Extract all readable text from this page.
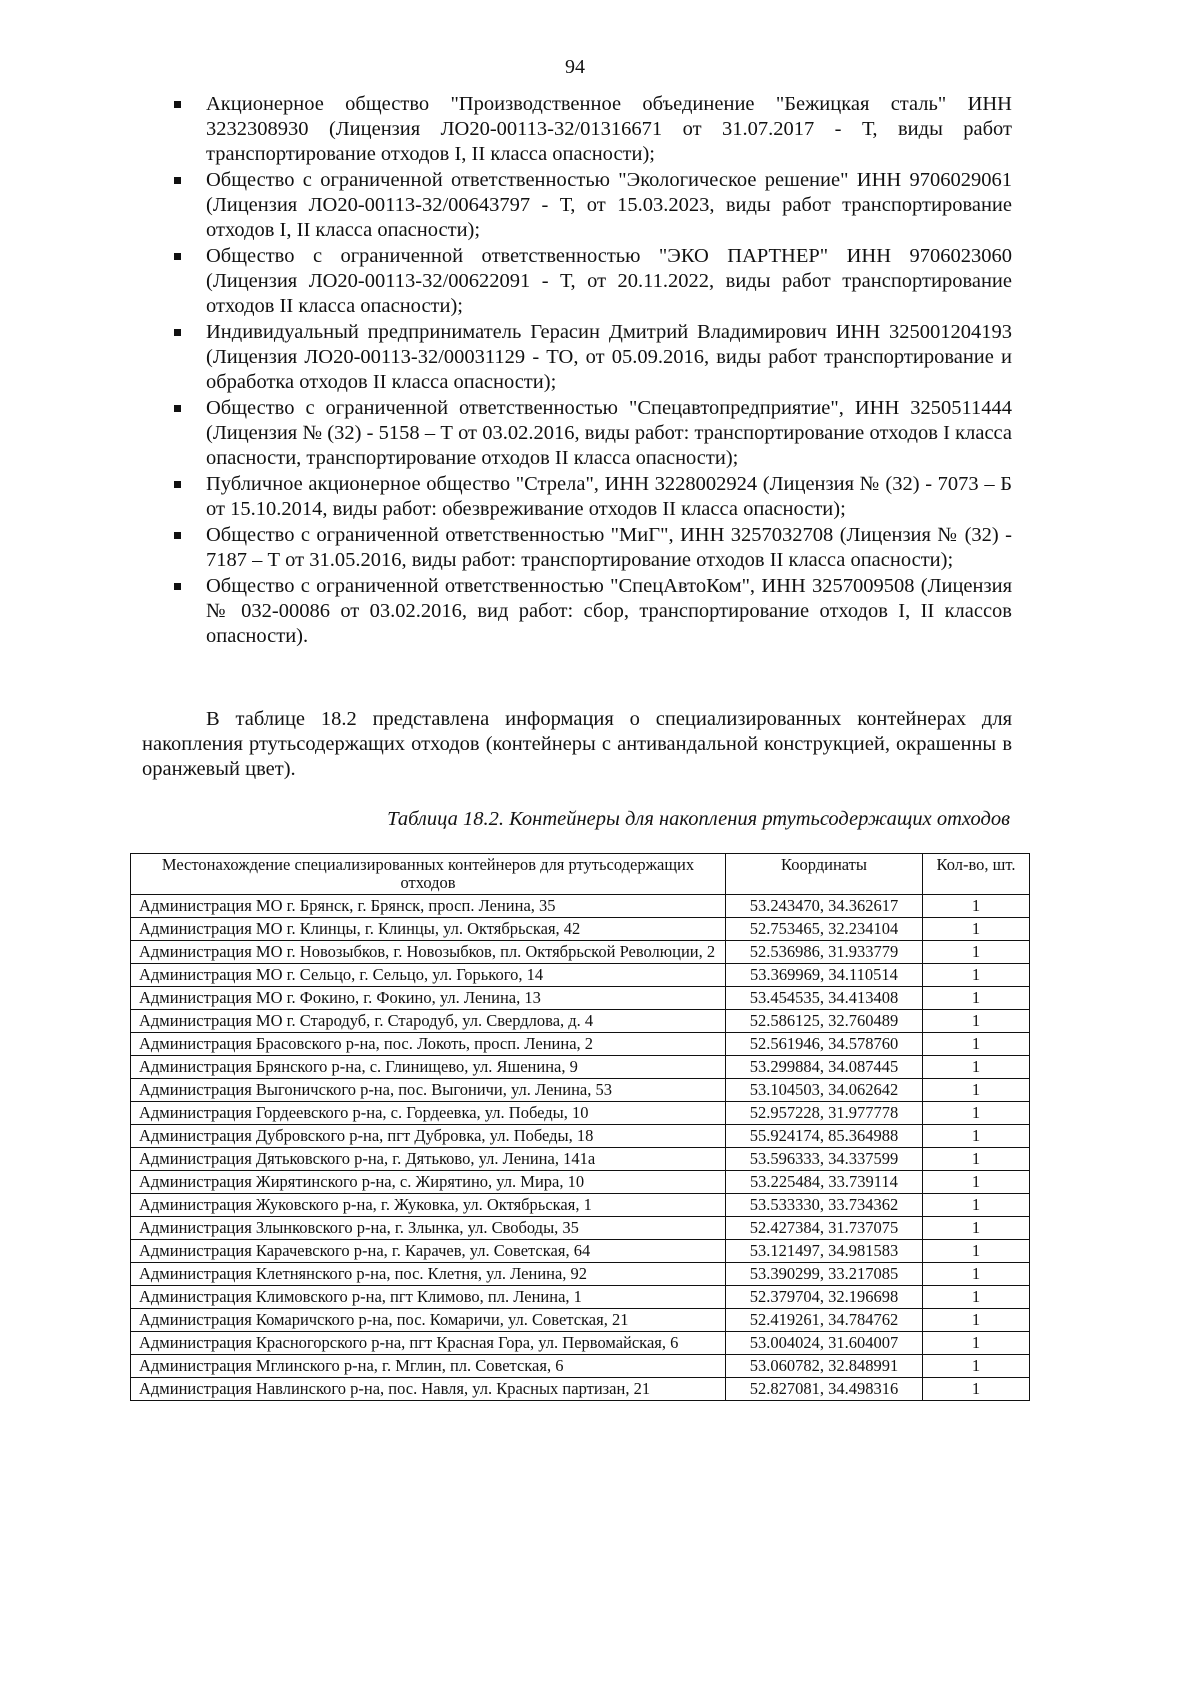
94
Акционерное общество "Производственное объединение "Бежицкая сталь" ИНН 3232308930 (Лицензия ЛО20-00113-32/01316671 от 31.07.2017 - Т, виды работ транспортирование отходов I, II класса опасности);
Общество с ограниченной ответственностью "Экологическое решение" ИНН 9706029061 (Лицензия ЛО20-00113-32/00643797 - Т, от 15.03.2023, виды работ транспортирование отходов I, II класса опасности);
Общество с ограниченной ответственностью "ЭКО ПАРТНЕР" ИНН 9706023060 (Лицензия ЛО20-00113-32/00622091 - Т, от 20.11.2022, виды работ транспортирование отходов II класса опасности);
Индивидуальный предприниматель Герасин Дмитрий Владимирович ИНН 325001204193 (Лицензия ЛО20-00113-32/00031129 - ТО, от 05.09.2016, виды работ транспортирование и обработка отходов II класса опасности);
Общество с ограниченной ответственностью "Спецавтопредприятие", ИНН 3250511444 (Лицензия № (32) - 5158 – Т от 03.02.2016, виды работ: транспортирование отходов I класса опасности, транспортирование отходов II класса опасности);
Публичное акционерное общество "Стрела", ИНН 3228002924 (Лицензия № (32) - 7073 – Б от 15.10.2014, виды работ: обезвреживание отходов II класса опасности);
Общество с ограниченной ответственностью "МиГ", ИНН 3257032708 (Лицензия № (32) - 7187 – Т от 31.05.2016, виды работ: транспортирование отходов II класса опасности);
Общество с ограниченной ответственностью "СпецАвтоКом", ИНН 3257009508 (Лицензия № 032-00086 от 03.02.2016, вид работ: сбор, транспортирование отходов I, II классов опасности).
В таблице 18.2 представлена информация о специализированных контейнерах для накопления ртутьсодержащих отходов (контейнеры с антивандальной конструкцией, окрашенны в оранжевый цвет).
Таблица 18.2. Контейнеры для накопления ртутьсодержащих отходов
Местонахождение специализированных контейнеров для ртутьсодержащих отходов	Координаты	Кол-во, шт.
Администрация МО г. Брянск, г. Брянск, просп. Ленина, 35	53.243470, 34.362617	1
Администрация МО г. Клинцы, г. Клинцы, ул. Октябрьская, 42	52.753465, 32.234104	1
Администрация МО г. Новозыбков, г. Новозыбков, пл. Октябрьской Революции, 2	52.536986, 31.933779	1
Администрация МО г. Сельцо, г. Сельцо, ул. Горького, 14	53.369969, 34.110514	1
Администрация МО г. Фокино, г. Фокино, ул. Ленина, 13	53.454535, 34.413408	1
Администрация МО г. Стародуб, г. Стародуб, ул. Свердлова, д. 4	52.586125, 32.760489	1
Администрация Брасовского р-на, пос. Локоть, просп. Ленина, 2	52.561946, 34.578760	1
Администрация Брянского р-на, с. Глинищево, ул. Яшенина, 9	53.299884, 34.087445	1
Администрация Выгоничского р-на, пос. Выгоничи, ул. Ленина, 53	53.104503, 34.062642	1
Администрация Гордеевского р-на, с. Гордеевка, ул. Победы, 10	52.957228, 31.977778	1
Администрация Дубровского р-на, пгт Дубровка, ул. Победы, 18	55.924174, 85.364988	1
Администрация Дятьковского р-на, г. Дятьково, ул. Ленина, 141а	53.596333, 34.337599	1
Администрация Жирятинского р-на, с. Жирятино, ул. Мира, 10	53.225484, 33.739114	1
Администрация Жуковского р-на, г. Жуковка, ул. Октябрьская, 1	53.533330, 33.734362	1
Администрация Злынковского р-на, г. Злынка, ул. Свободы, 35	52.427384, 31.737075	1
Администрация Карачевского р-на, г. Карачев, ул. Советская, 64	53.121497, 34.981583	1
Администрация Клетнянского р-на, пос. Клетня, ул. Ленина, 92	53.390299, 33.217085	1
Администрация Климовского р-на, пгт Климово, пл. Ленина, 1	52.379704, 32.196698	1
Администрация Комаричского р-на, пос. Комаричи, ул. Советская, 21	52.419261, 34.784762	1
Администрация Красногорского р-на, пгт Красная Гора, ул. Первомайская, 6	53.004024, 31.604007	1
Администрация Мглинского р-на, г. Мглин, пл. Советская, 6	53.060782, 32.848991	1
Администрация Навлинского р-на, пос. Навля, ул. Красных партизан, 21	52.827081, 34.498316	1
